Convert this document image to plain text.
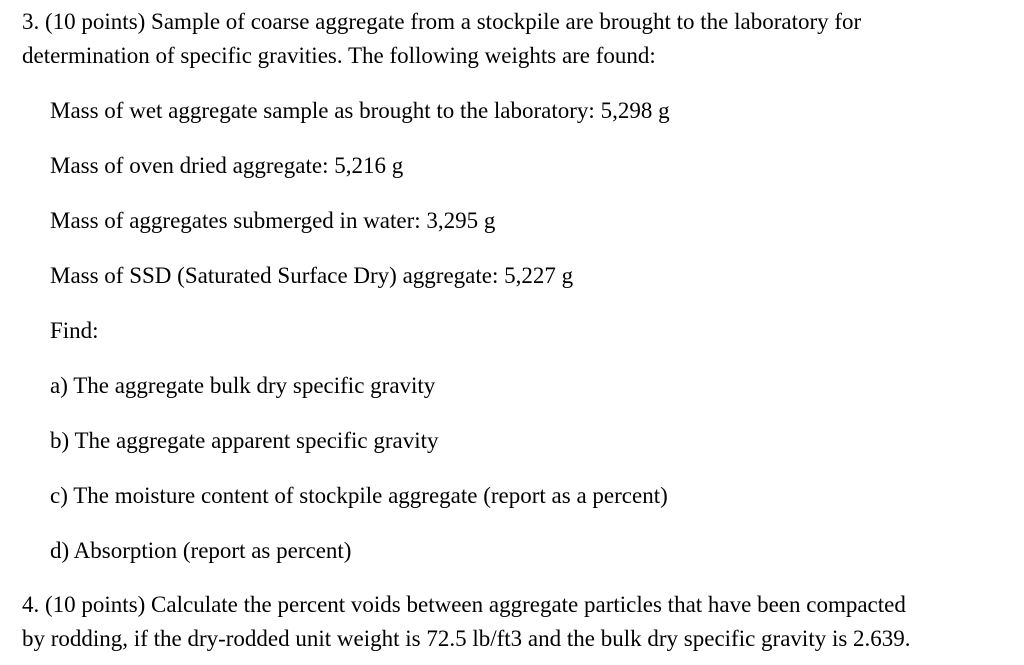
3. (10 points) Sample of coarse aggregate from a stockpile are brought to the laboratory for
determination of specific gravities. The following weights are found:
Mass of wet aggregate sample as brought to the laboratory: 5,298 g
Mass of oven dried aggregate: 5,216 g
Mass of aggregates submerged in water: 3,295 g
Mass of SSD (Saturated Surface Dry) aggregate: 5,227 g
Find:
a) The aggregate bulk dry specific gravity
b) The aggregate apparent specific gravity
c) The moisture content of stockpile aggregate (report as a percent)
d) Absorption (report as percent)
4. (10 points) Calculate the percent voids between aggregate particles that have been compacted
by rodding, if the dry-rodded unit weight is 72.5 lb/ft3 and the bulk dry specific gravity is 2.639.
